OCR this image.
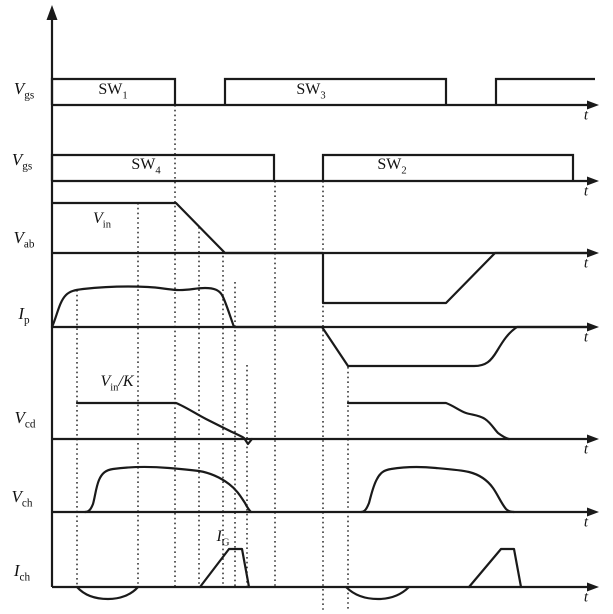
$V_{gs}$
$V_{gs}$
$V_{ab}$
$I_p$
$V_{cd}$
$V_{ch}$
$I_{ch}$
$SW_1$	$SW_3$
$SW_4$	$SW_2$
$V_{in}$
$V_{in}/K$
$I_G$
t
t
t
t
t
t
t
